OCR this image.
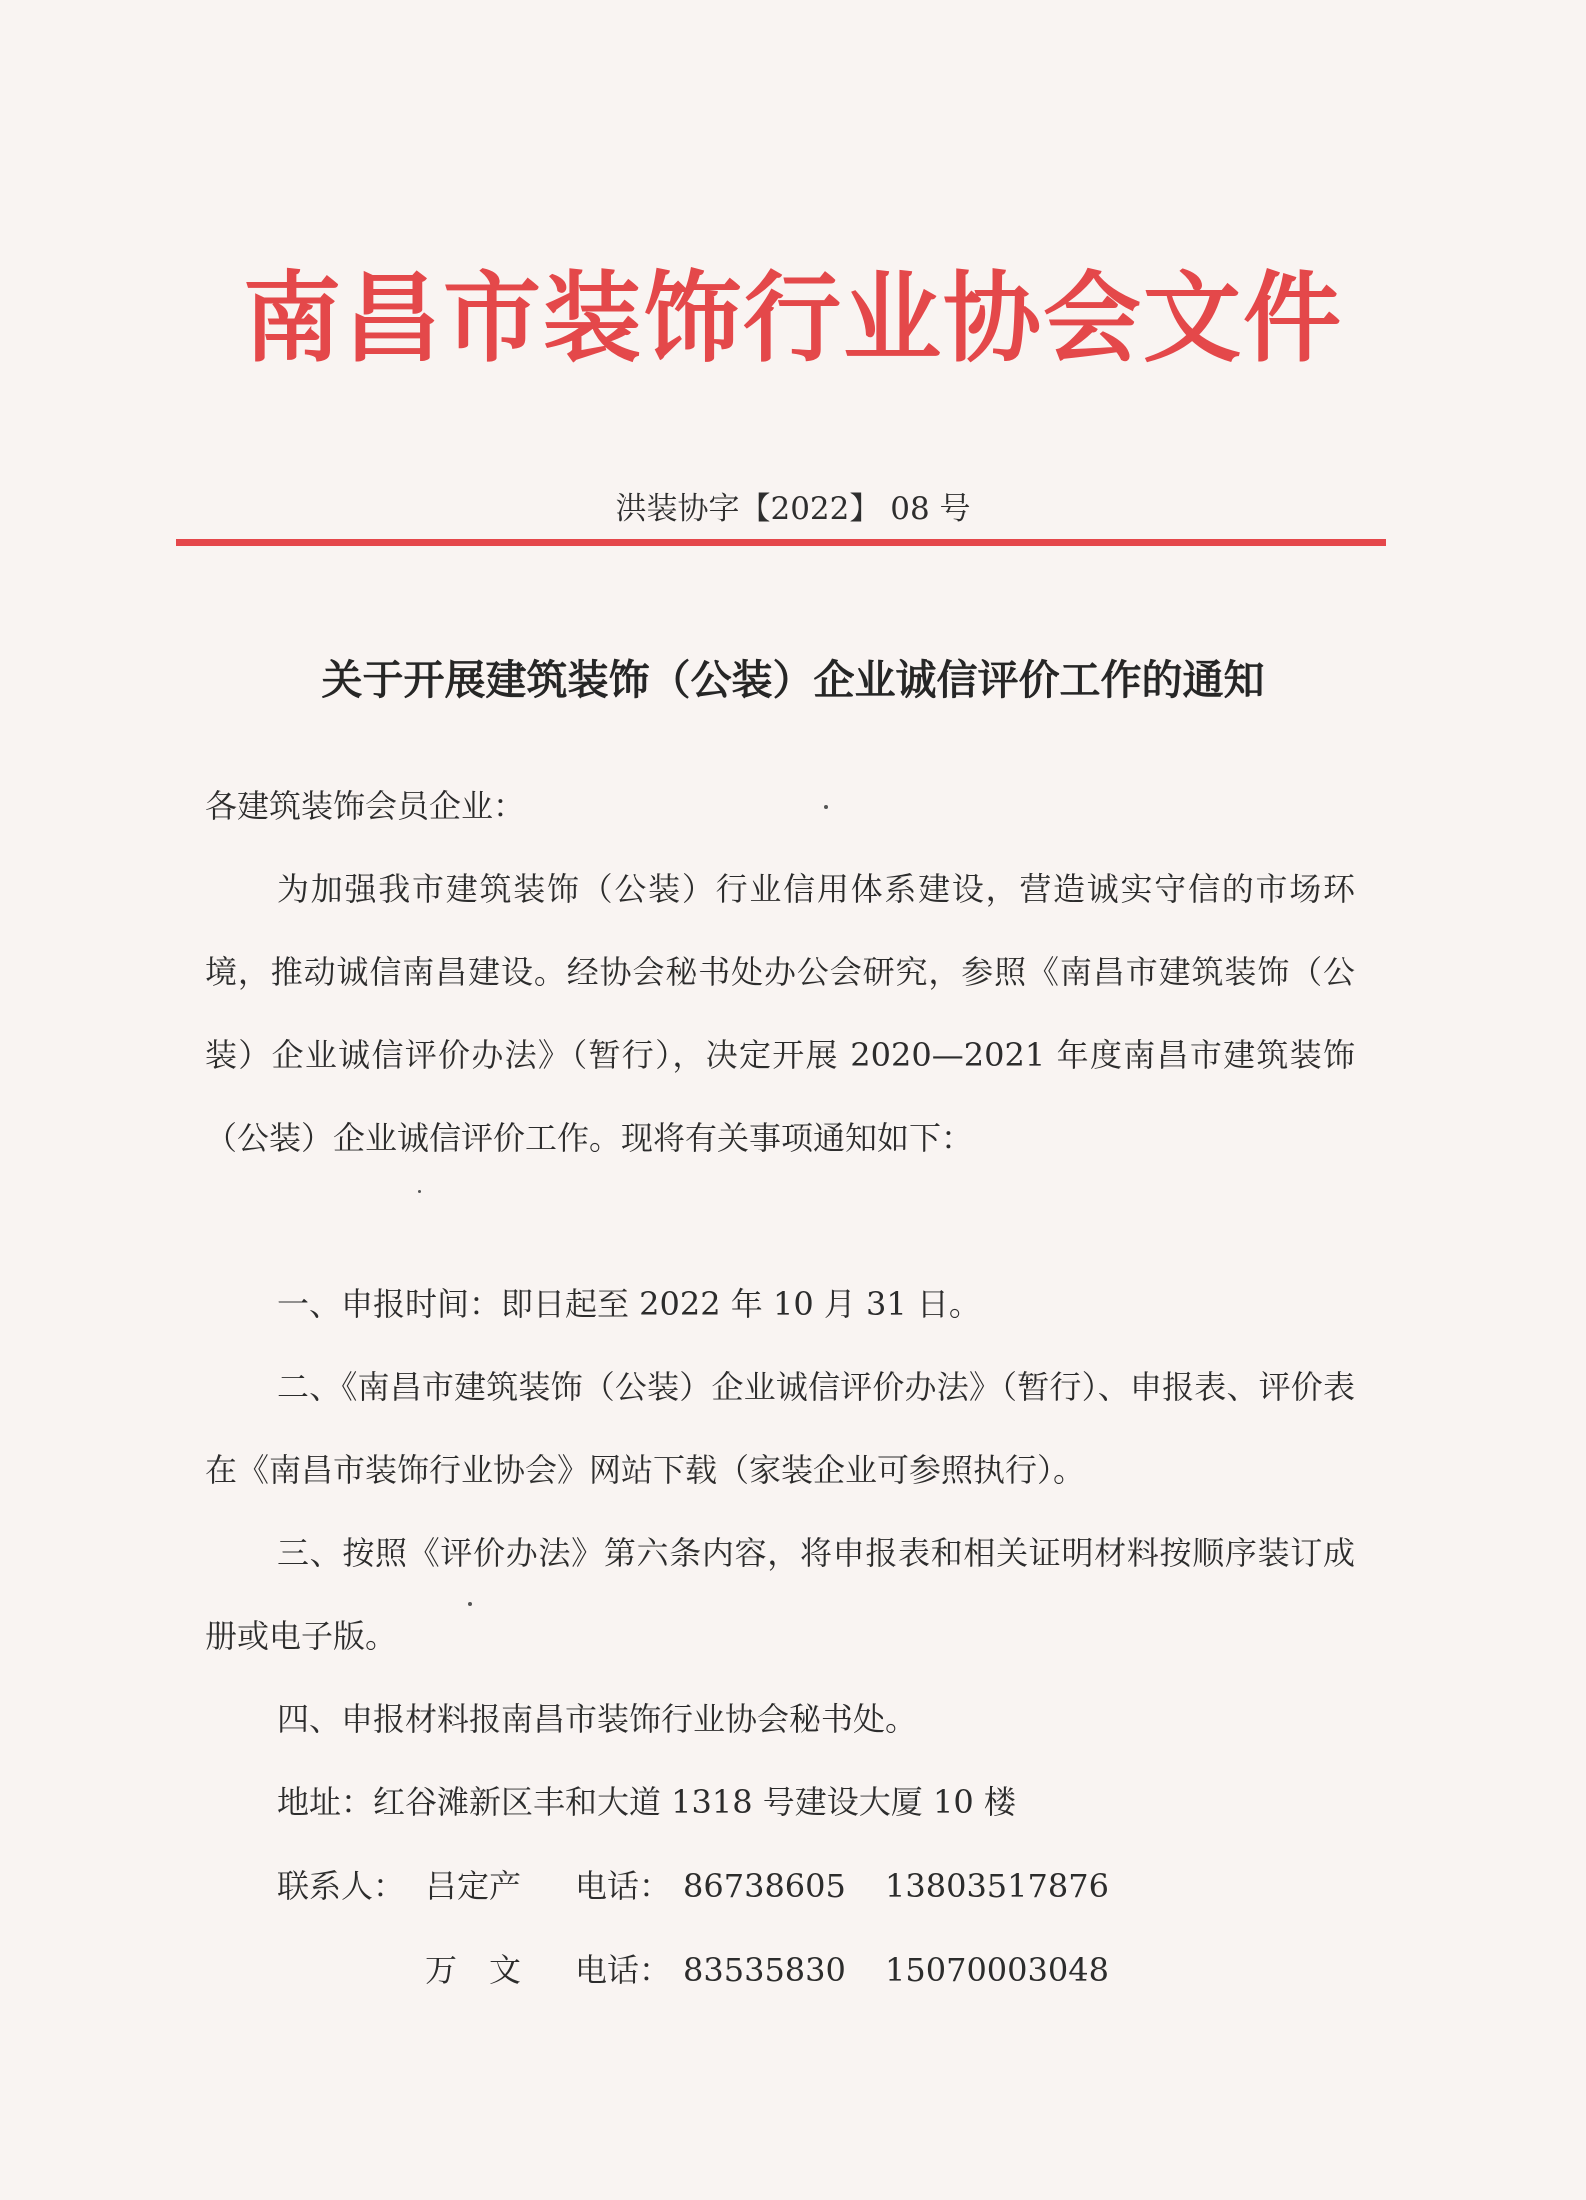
南昌市装饰行业协会文件
洪装协字【2022】 08 号
关于开展建筑装饰（公装）企业诚信评价工作的通知
各建筑装饰会员企业：

为加强我市建筑装饰（公装）行业信用体系建设，营造诚实守信的市场环境，推动诚信南昌建设。经协会秘书处办公会研究，参照《南昌市建筑装饰（公装）企业诚信评价办法》（暂行），决定开展 2020—2021 年度南昌市建筑装饰（公装）企业诚信评价工作。现将有关事项通知如下：

一、申报时间：即日起至 2022 年 10 月 31 日。

二、《南昌市建筑装饰（公装）企业诚信评价办法》（暂行）、申报表、评价表在《南昌市装饰行业协会》网站下载（家装企业可参照执行）。

三、按照《评价办法》第六条内容，将申报表和相关证明材料按顺序装订成册或电子版。

四、申报材料报南昌市装饰行业协会秘书处。

地址：红谷滩新区丰和大道 1318 号建设大厦 10 楼
联系人： 吕定产 电话： 86738605 13803517876
万　文 电话： 83535830 15070003048
